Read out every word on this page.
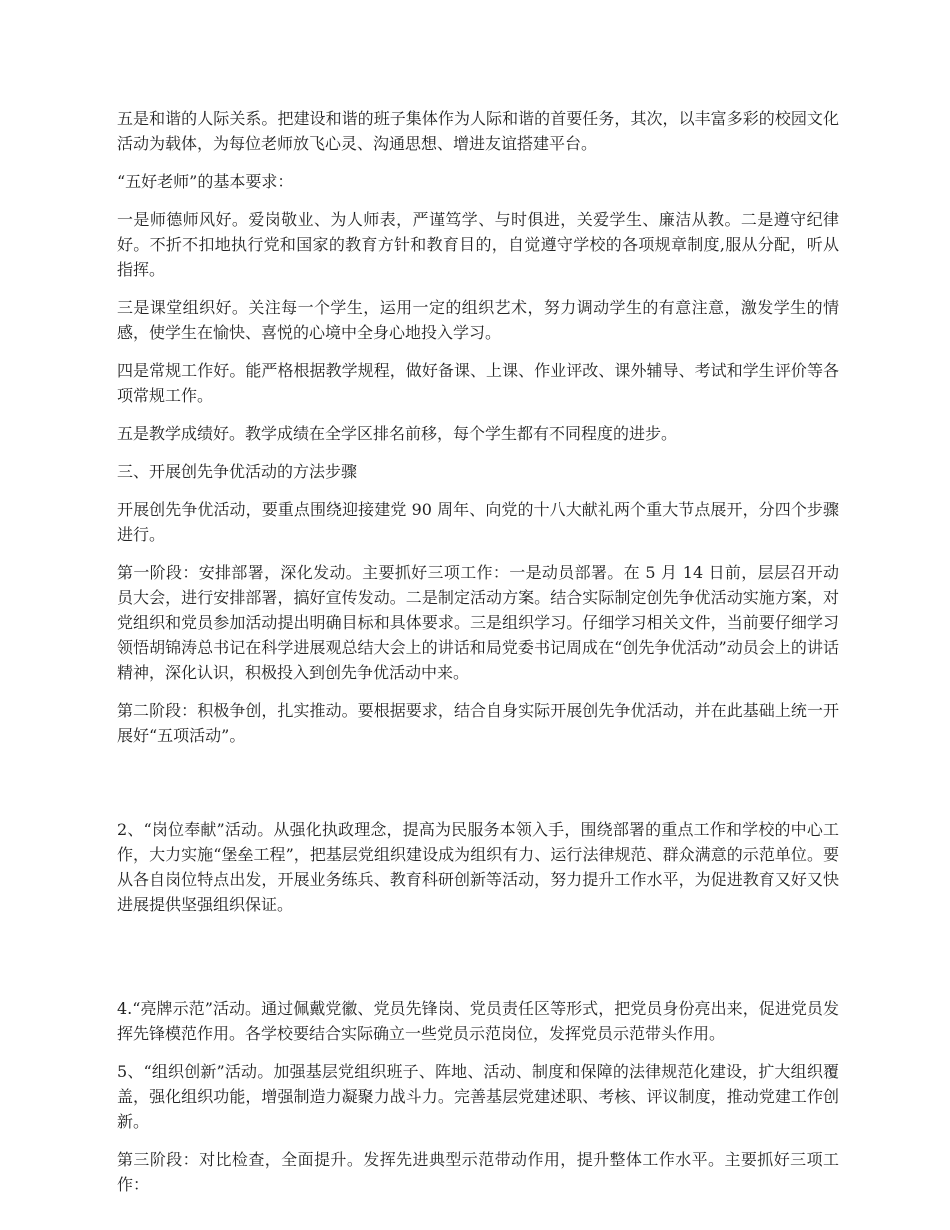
五是和谐的人际关系。把建设和谐的班子集体作为人际和谐的首要任务，其次，以丰富多彩的校园文化活动为载体，为每位老师放飞心灵、沟通思想、增进友谊搭建平台。

“五好老师”的基本要求：

一是师德师风好。爱岗敬业、为人师表，严谨笃学、与时俱进，关爱学生、廉洁从教。二是遵守纪律好。不折不扣地执行党和国家的教育方针和教育目的，自觉遵守学校的各项规章制度,服从分配，听从指挥。

三是课堂组织好。关注每一个学生，运用一定的组织艺术，努力调动学生的有意注意，激发学生的情感，使学生在愉快、喜悦的心境中全身心地投入学习。

四是常规工作好。能严格根据教学规程，做好备课、上课、作业评改、课外辅导、考试和学生评价等各项常规工作。

五是教学成绩好。教学成绩在全学区排名前移，每个学生都有不同程度的进步。

三、开展创先争优活动的方法步骤

开展创先争优活动，要重点围绕迎接建党 90 周年、向党的十八大献礼两个重大节点展开，分四个步骤进行。

第一阶段：安排部署，深化发动。主要抓好三项工作：一是动员部署。在 5 月 14 日前，层层召开动员大会，进行安排部署，搞好宣传发动。二是制定活动方案。结合实际制定创先争优活动实施方案，对党组织和党员参加活动提出明确目标和具体要求。三是组织学习。仔细学习相关文件，当前要仔细学习领悟胡锦涛总书记在科学进展观总结大会上的讲话和局党委书记周成在“创先争优活动”动员会上的讲话精神，深化认识，积极投入到创先争优活动中来。

第二阶段：积极争创，扎实推动。要根据要求，结合自身实际开展创先争优活动，并在此基础上统一开展好“五项活动”。

2、“岗位奉献”活动。从强化执政理念，提高为民服务本领入手，围绕部署的重点工作和学校的中心工作，大力实施“堡垒工程”，把基层党组织建设成为组织有力、运行法律规范、群众满意的示范单位。要从各自岗位特点出发，开展业务练兵、教育科研创新等活动，努力提升工作水平，为促进教育又好又快进展提供坚强组织保证。

4.“亮牌示范”活动。通过佩戴党徽、党员先锋岗、党员责任区等形式，把党员身份亮出来，促进党员发挥先锋模范作用。各学校要结合实际确立一些党员示范岗位，发挥党员示范带头作用。

5、“组织创新”活动。加强基层党组织班子、阵地、活动、制度和保障的法律规范化建设，扩大组织覆盖，强化组织功能，增强制造力凝聚力战斗力。完善基层党建述职、考核、评议制度，推动党建工作创新。

第三阶段：对比检查，全面提升。发挥先进典型示范带动作用，提升整体工作水平。主要抓好三项工作：
